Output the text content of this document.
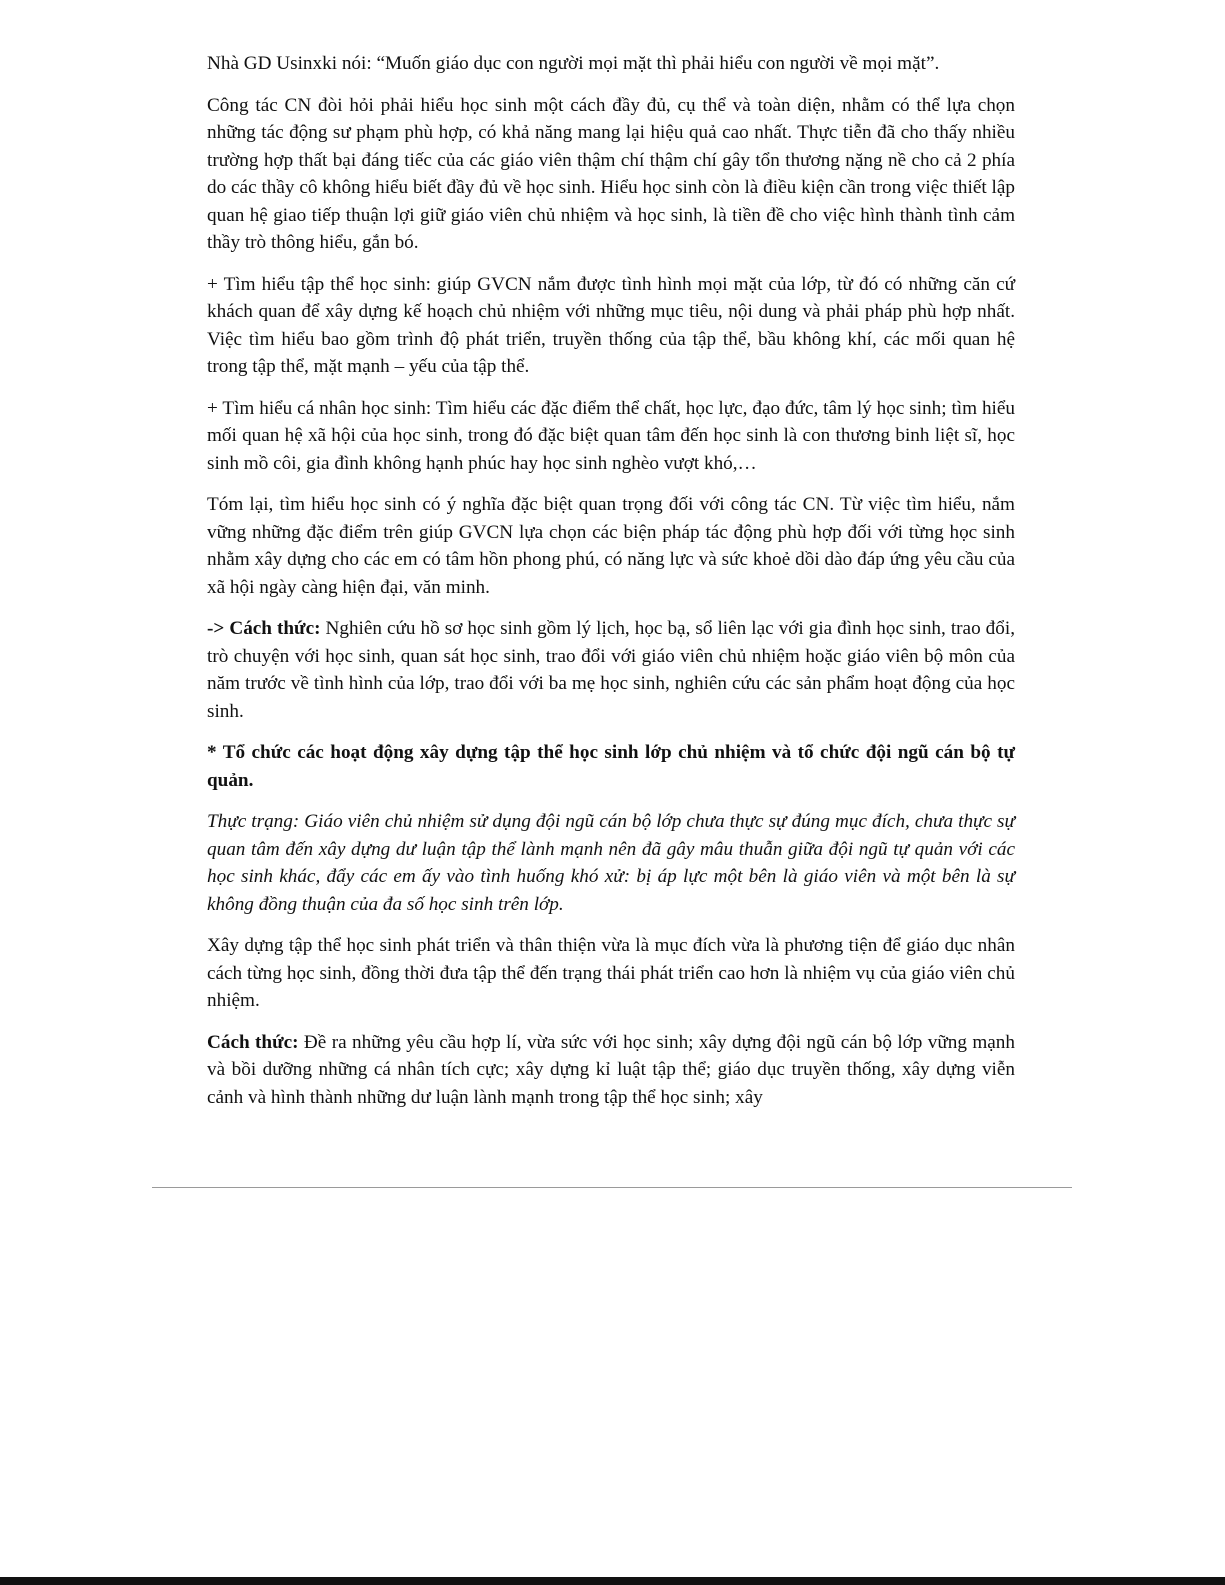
Nhà GD Usinxki nói: “Muốn giáo dục con người mọi mặt thì phải hiểu con người về mọi mặt”.

Công tác CN đòi hỏi phải hiểu học sinh một cách đầy đủ, cụ thể và toàn diện, nhằm có thể lựa chọn những tác động sư phạm phù hợp, có khả năng mang lại hiệu quả cao nhất. Thực tiễn đã cho thấy nhiều trường hợp thất bại đáng tiếc của các giáo viên thậm chí thậm chí gây tổn thương nặng nề cho cả 2 phía do các thầy cô không hiểu biết đầy đủ về học sinh. Hiểu học sinh còn là điều kiện cần trong việc thiết lập quan hệ giao tiếp thuận lợi giữ giáo viên chủ nhiệm và học sinh, là tiền đề cho việc hình thành tình cảm thầy trò thông hiểu, gắn bó.

+ Tìm hiểu tập thể học sinh: giúp GVCN nắm được tình hình mọi mặt của lớp, từ đó có những căn cứ khách quan để xây dựng kế hoạch chủ nhiệm với những mục tiêu, nội dung và phải pháp phù hợp nhất. Việc tìm hiểu bao gồm trình độ phát triển, truyền thống của tập thể, bầu không khí, các mối quan hệ trong tập thể, mặt mạnh – yếu của tập thể.

+ Tìm hiểu cá nhân học sinh: Tìm hiểu các đặc điểm thể chất, học lực, đạo đức, tâm lý học sinh; tìm hiểu mối quan hệ xã hội của học sinh, trong đó đặc biệt quan tâm đến học sinh là con thương binh liệt sĩ, học sinh mồ côi, gia đình không hạnh phúc hay học sinh nghèo vượt khó,…

Tóm lại, tìm hiểu học sinh có ý nghĩa đặc biệt quan trọng đối với công tác CN. Từ việc tìm hiểu, nắm vững những đặc điểm trên giúp GVCN lựa chọn các biện pháp tác động phù hợp đối với từng học sinh nhằm xây dựng cho các em có tâm hồn phong phú, có năng lực và sức khoẻ dồi dào đáp ứng yêu cầu của xã hội ngày càng hiện đại, văn minh.

-> Cách thức: Nghiên cứu hồ sơ học sinh gồm lý lịch, học bạ, sổ liên lạc với gia đình học sinh, trao đổi, trò chuyện với học sinh, quan sát học sinh, trao đổi với giáo viên chủ nhiệm hoặc giáo viên bộ môn của năm trước về tình hình của lớp, trao đổi với ba mẹ học sinh, nghiên cứu các sản phẩm hoạt động của học sinh.

* Tổ chức các hoạt động xây dựng tập thể học sinh lớp chủ nhiệm và tổ chức đội ngũ cán bộ tự quản.

Thực trạng: Giáo viên chủ nhiệm sử dụng đội ngũ cán bộ lớp chưa thực sự đúng mục đích, chưa thực sự quan tâm đến xây dựng dư luận tập thể lành mạnh nên đã gây mâu thuẫn giữa đội ngũ tự quản với các học sinh khác, đẩy các em ấy vào tình huống khó xử: bị áp lực một bên là giáo viên và một bên là sự không đồng thuận của đa số học sinh trên lớp.

Xây dựng tập thể học sinh phát triển và thân thiện vừa là mục đích vừa là phương tiện để giáo dục nhân cách từng học sinh, đồng thời đưa tập thể đến trạng thái phát triển cao hơn là nhiệm vụ của giáo viên chủ nhiệm.

Cách thức: Đề ra những yêu cầu hợp lí, vừa sức với học sinh; xây dựng đội ngũ cán bộ lớp vững mạnh và bồi dưỡng những cá nhân tích cực; xây dựng kỉ luật tập thể; giáo dục truyền thống, xây dựng viễn cảnh và hình thành những dư luận lành mạnh trong tập thể học sinh; xây
